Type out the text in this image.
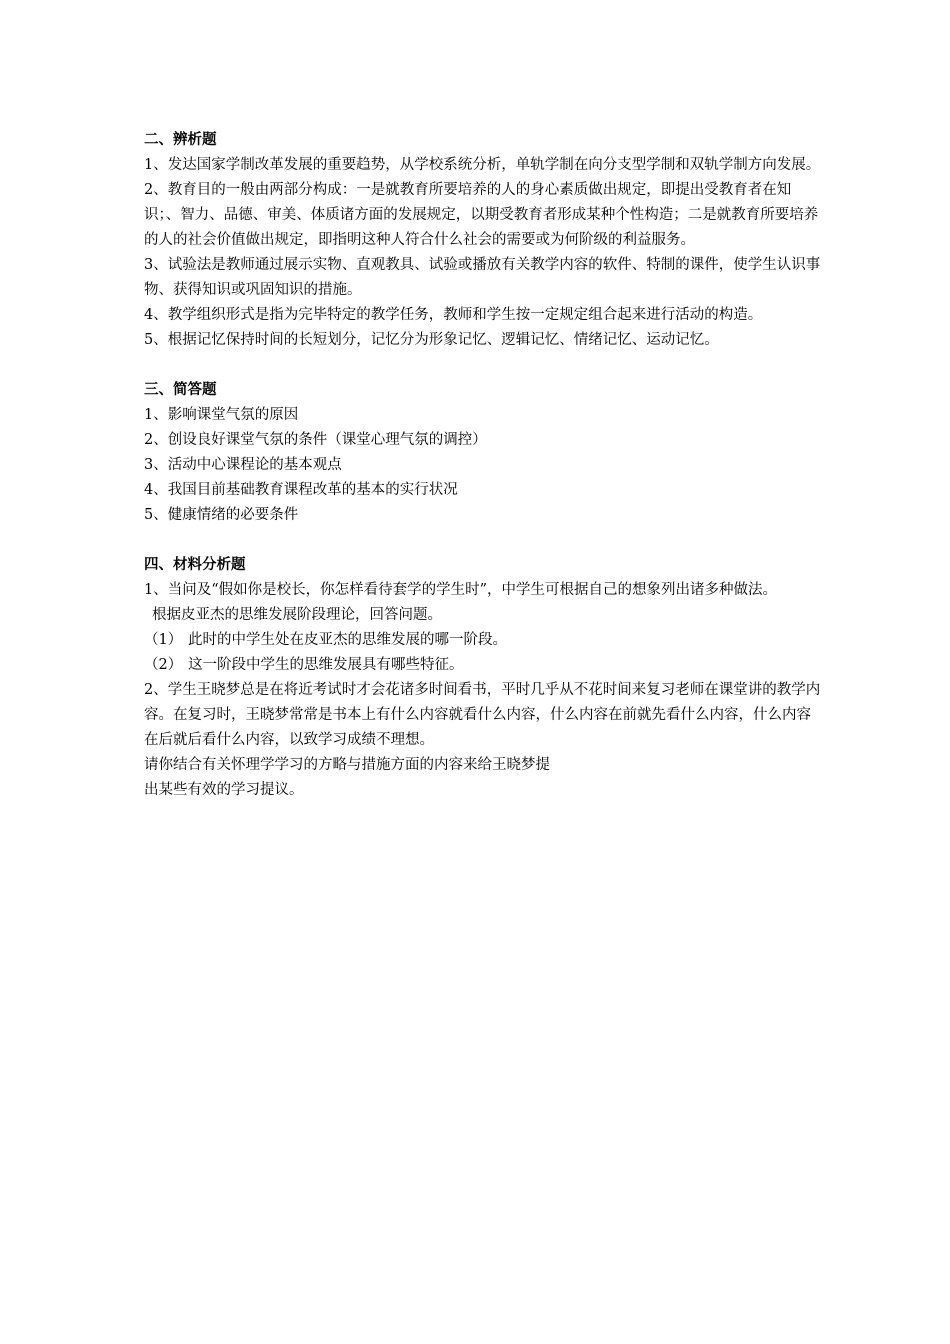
二、辨析题

1、发达国家学制改革发展的重要趋势，从学校系统分析，单轨学制在向分支型学制和双轨学制方向发展。

2、教育目的一般由两部分构成：一是就教育所要培养的人的身心素质做出规定，即提出受教育者在知识；、智力、品德、审美、体质诸方面的发展规定，以期受教育者形成某种个性构造；二是就教育所要培养的人的社会价值做出规定，即指明这种人符合什么社会的需要或为何阶级的利益服务。

3、试验法是教师通过展示实物、直观教具、试验或播放有关教学内容的软件、特制的课件，使学生认识事物、获得知识或巩固知识的措施。

4、教学组织形式是指为完毕特定的教学任务，教师和学生按一定规定组合起来进行活动的构造。

5、根据记忆保持时间的长短划分，记忆分为形象记忆、逻辑记忆、情绪记忆、运动记忆。

三、简答题

1、影响课堂气氛的原因

2、创设良好课堂气氛的条件（课堂心理气氛的调控）

3、活动中心课程论的基本观点

4、我国目前基础教育课程改革的基本的实行状况

5、健康情绪的必要条件

四、材料分析题

1、当问及“假如你是校长，你怎样看待套学的学生时”，中学生可根据自己的想象列出诸多种做法。

根据皮亚杰的思维发展阶段理论，回答问题。

（1） 此时的中学生处在皮亚杰的思维发展的哪一阶段。
（2） 这一阶段中学生的思维发展具有哪些特征。

2、学生王晓梦总是在将近考试时才会花诸多时间看书，平时几乎从不花时间来复习老师在课堂讲的教学内容。在复习时，王晓梦常常是书本上有什么内容就看什么内容，什么内容在前就先看什么内容，什么内容在后就后看什么内容，以致学习成绩不理想。

请你结合有关怀理学学习的方略与措施方面的内容来给王晓梦提

出某些有效的学习提议。
